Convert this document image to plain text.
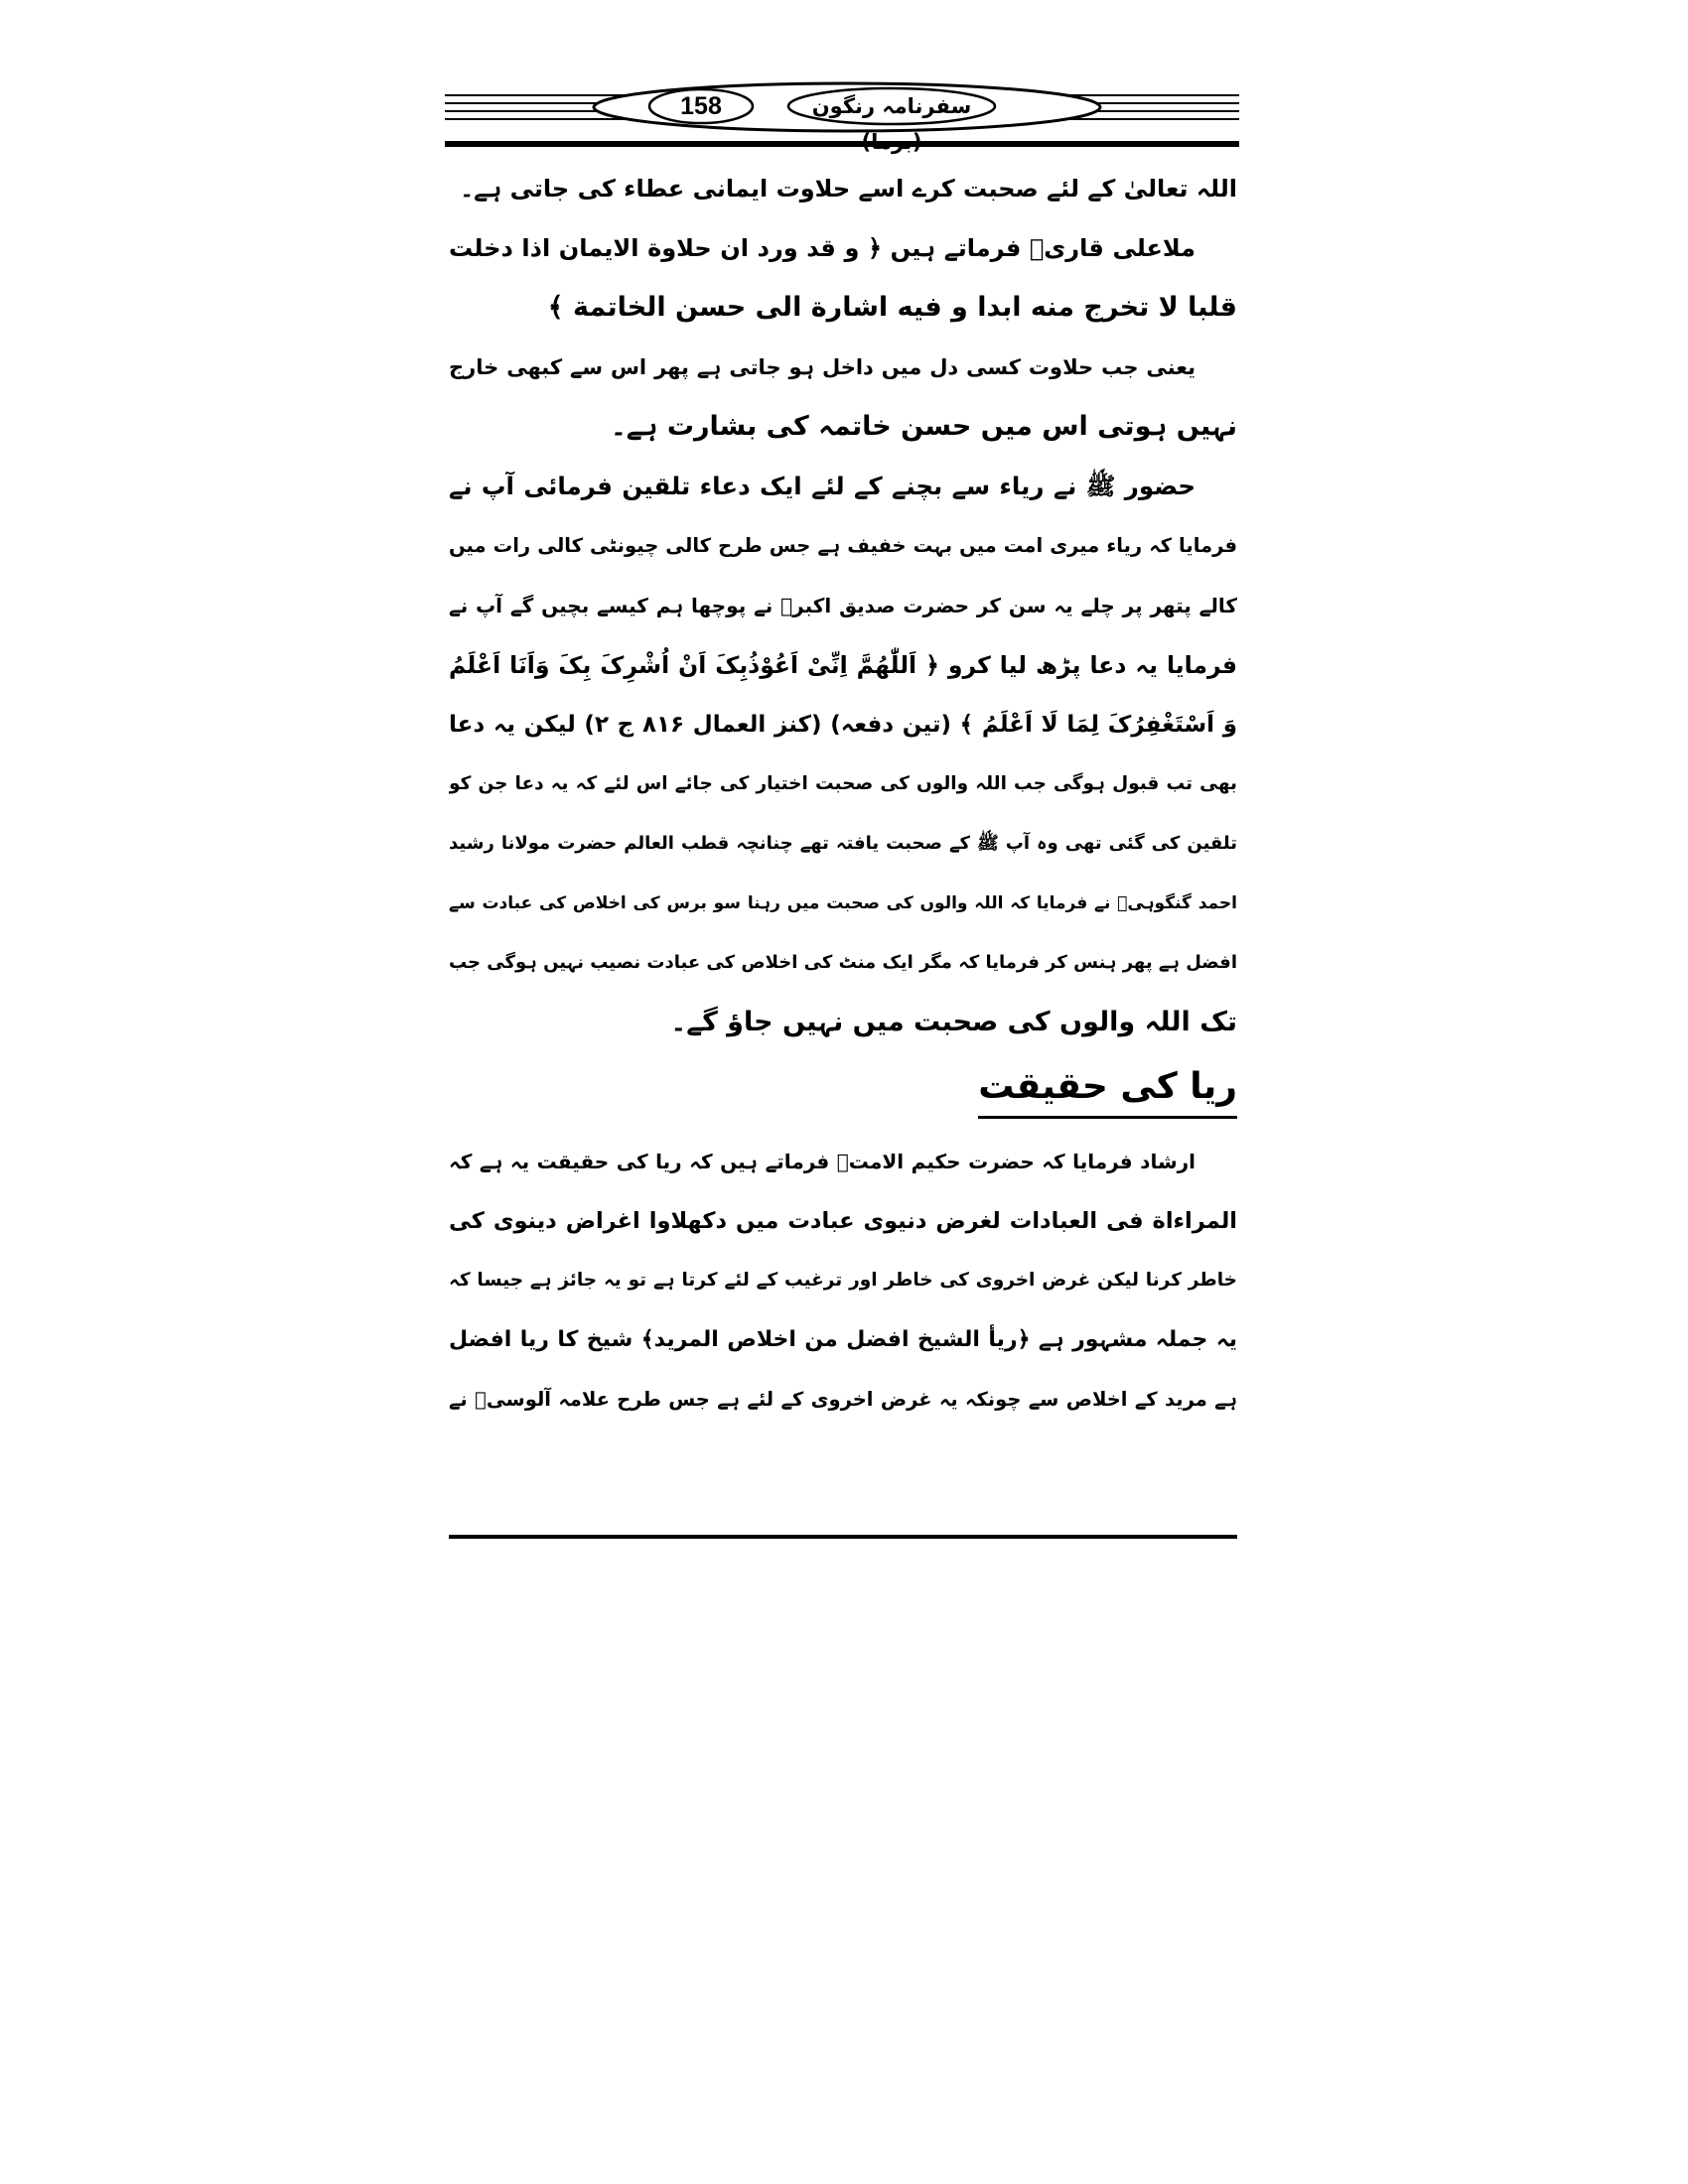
158	سفرنامہ رنگون (برما)
اللہ تعالیٰ کے لئے صحبت کرے اسے حلاوت ایمانی عطاء کی جاتی ہے۔
ملاعلی قاریؒ فرماتے ہیں ﴿ و قد ورد ان حلاوة الایمان اذا دخلت
قلبا لا تخرج منه ابدا و فيه اشارة الی حسن الخاتمة ﴾
یعنی جب حلاوت کسی دل میں داخل ہو جاتی ہے پھر اس سے کبھی خارج
نہیں ہوتی اس میں حسن خاتمہ کی بشارت ہے۔
حضور ﷺ نے ریاء سے بچنے کے لئے ایک دعاء تلقین فرمائی آپ نے
فرمایا کہ ریاء میری امت میں بہت خفیف ہے جس طرح کالی چیونٹی کالی رات میں
کالے پتھر پر چلے یہ سن کر حضرت صدیق اکبرؓ نے پوچھا ہم کیسے بچیں گے آپ نے
فرمایا یہ دعا پڑھ لیا کرو ﴿ اَللّٰھُمَّ اِنِّیْ اَعُوْذُبِکَ اَنْ اُشْرِکَ بِکَ وَاَنَا اَعْلَمُ
وَ اَسْتَغْفِرُکَ لِمَا لَا اَعْلَمُ ﴾ (تین دفعہ) (کنز العمال ۸۱۶ ج ۲) لیکن یہ دعا
بھی تب قبول ہوگی جب اللہ والوں کی صحبت اختیار کی جائے اس لئے کہ یہ دعا جن کو
تلقین کی گئی تھی وہ آپ ﷺ کے صحبت یافتہ تھے چنانچہ قطب العالم حضرت مولانا رشید
احمد گنگوہیؒ نے فرمایا کہ اللہ والوں کی صحبت میں رہنا سو برس کی اخلاص کی عبادت سے
افضل ہے پھر ہنس کر فرمایا کہ مگر ایک منٹ کی اخلاص کی عبادت نصیب نہیں ہوگی جب
تک اللہ والوں کی صحبت میں نہیں جاؤ گے۔
ریا کی حقیقت
ارشاد فرمایا کہ حضرت حکیم الامتؒ فرماتے ہیں کہ ریا کی حقیقت یہ ہے کہ
المراءاة فی العبادات لغرض دنيوی عبادت میں دکھلاوا اغراض دینوی کی
خاطر کرنا لیکن غرض اخروی کی خاطر اور ترغیب کے لئے کرتا ہے تو یہ جائز ہے جیسا کہ
یہ جملہ مشہور ہے ﴿ریأ الشيخ افضل من اخلاص المريد﴾ شیخ کا ریا افضل
ہے مرید کے اخلاص سے چونکہ یہ غرض اخروی کے لئے ہے جس طرح علامہ آلوسیؒ نے
